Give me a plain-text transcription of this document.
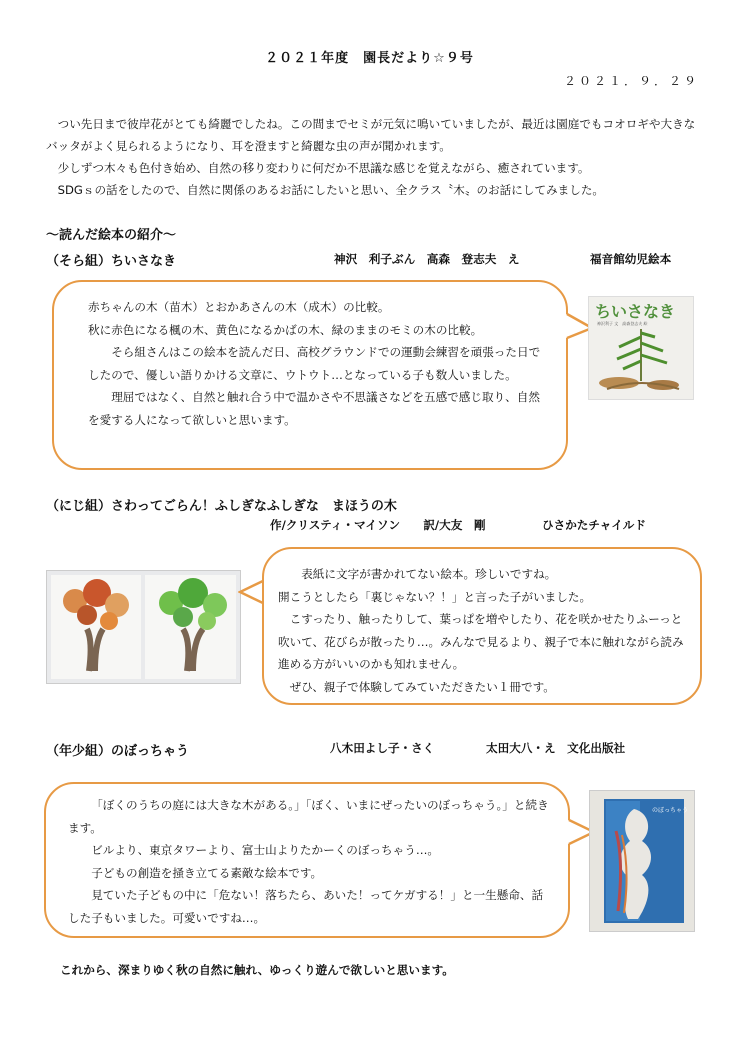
２０２１年度　園長だより☆９号
２０２１．９．２９

つい先日まで彼岸花がとても綺麗でしたね。この間までセミが元気に鳴いていましたが、最近は園庭でもコオロギや大きなバッタがよく見られるようになり、耳を澄ますと綺麗な虫の声が聞かれます。

少しずつ木々も色付き始め、自然の移り変わりに何だか不思議な感じを覚えながら、癒されています。

SDGｓの話をしたので、自然に関係のあるお話にしたいと思い、全クラス〝木〟のお話にしてみました。

～読んだ絵本の紹介～
（そら組）ちいさなき	神沢　利子ぶん　高森　登志夫　え	福音館幼児絵本

赤ちゃんの木（苗木）とおかあさんの木（成木）の比較。

秋に赤色になる楓の木、黄色になるかばの木、緑のままのモミの木の比較。

そら組さんはこの絵本を読んだ日、高校グラウンドでの運動会練習を頑張った日でしたので、優しい語りかける文章に、ウトウト…となっている子も数人いました。

理屈ではなく、自然と触れ合う中で温かさや不思議さなどを五感で感じ取り、自然を愛する人になって欲しいと思います。

ちいさなき
神沢利子 文　高森登志夫 絵
（にじ組）さわってごらん！ふしぎなふしぎな　まほうの木
作/クリスティ・マイソン　　訳/大友　剛	ひさかたチャイルド

表紙に文字が書かれてない絵本。珍しいですね。

開こうとしたら「裏じゃない？！」と言った子がいました。

こすったり、触ったりして、葉っぱを増やしたり、花を咲かせたりふーっと吹いて、花びらが散ったり…。みんなで見るより、親子で本に触れながら読み進める方がいいのかも知れません。

ぜひ、親子で体験してみていただきたい１冊です。

（年少組）のぼっちゃう	八木田よし子・さく	太田大八・え　文化出版社

「ぼくのうちの庭には大きな木がある。」「ぼく、いまにぜったいのぼっちゃう。」と続きます。

ビルより、東京タワーより、富士山よりたかーくのぼっちゃう…。

子どもの創造を掻き立てる素敵な絵本です。

見ていた子どもの中に「危ない！落ちたら、あいた！ってケガする！」と一生懸命、話した子もいました。可愛いですね…。

のぼっちゃう
これから、深まりゆく秋の自然に触れ、ゆっくり遊んで欲しいと思います。
